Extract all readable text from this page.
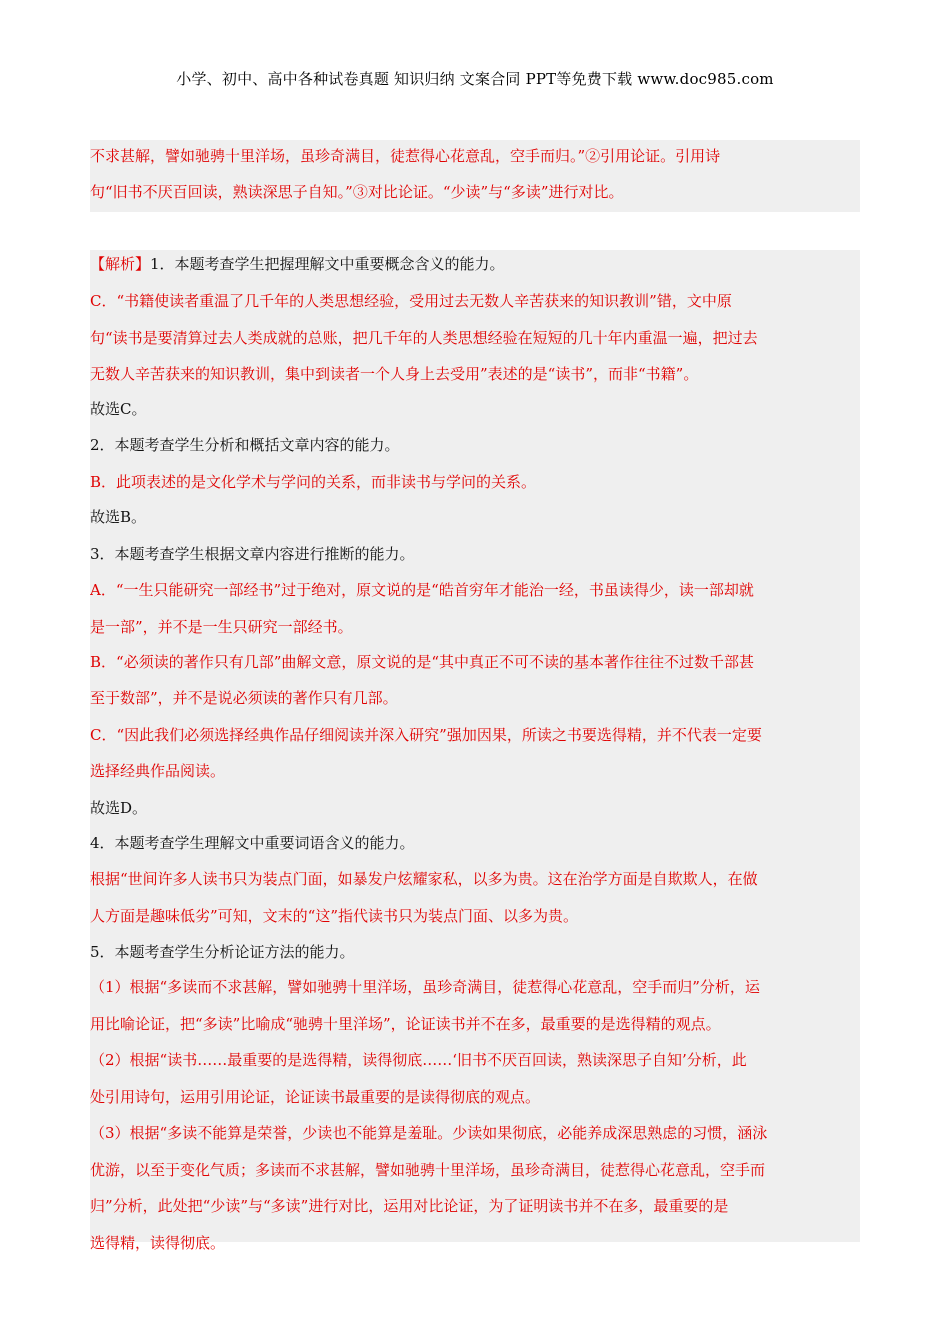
小学、初中、高中各种试卷真题 知识归纳 文案合同 PPT等免费下载 www.doc985.com
不求甚解，譬如驰骋十里洋场，虽珍奇满目，徒惹得心花意乱，空手而归。”②引用论证。引用诗
句“旧书不厌百回读，熟读深思子自知。”③对比论证。“少读”与“多读”进行对比。
【解析】1．本题考查学生把握理解文中重要概念含义的能力。
C．“书籍使读者重温了几千年的人类思想经验，受用过去无数人辛苦获来的知识教训”错，文中原
句“读书是要清算过去人类成就的总账，把几千年的人类思想经验在短短的几十年内重温一遍，把过去
无数人辛苦获来的知识教训，集中到读者一个人身上去受用”表述的是“读书”，而非“书籍”。
故选C。
2．本题考查学生分析和概括文章内容的能力。
B．此项表述的是文化学术与学问的关系，而非读书与学问的关系。
故选B。
3．本题考查学生根据文章内容进行推断的能力。
A．“一生只能研究一部经书”过于绝对，原文说的是“皓首穷年才能治一经，书虽读得少，读一部却就
是一部”，并不是一生只研究一部经书。
B．“必须读的著作只有几部”曲解文意，原文说的是“其中真正不可不读的基本著作往往不过数千部甚
至于数部”，并不是说必须读的著作只有几部。
C．“因此我们必须选择经典作品仔细阅读并深入研究”强加因果，所读之书要选得精，并不代表一定要
选择经典作品阅读。
故选D。
4．本题考查学生理解文中重要词语含义的能力。
根据“世间许多人读书只为装点门面，如暴发户炫耀家私，以多为贵。这在治学方面是自欺欺人，在做
人方面是趣味低劣”可知，文末的“这”指代读书只为装点门面、以多为贵。
5．本题考查学生分析论证方法的能力。
（1）根据“多读而不求甚解，譬如驰骋十里洋场，虽珍奇满目，徒惹得心花意乱，空手而归”分析，运
用比喻论证，把“多读”比喻成“驰骋十里洋场”，论证读书并不在多，最重要的是选得精的观点。
（2）根据“读书……最重要的是选得精，读得彻底……‘旧书不厌百回读，熟读深思子自知’分析，此
处引用诗句，运用引用论证，论证读书最重要的是读得彻底的观点。
（3）根据“多读不能算是荣誉，少读也不能算是羞耻。少读如果彻底，必能养成深思熟虑的习惯，涵泳
优游，以至于变化气质；多读而不求甚解，譬如驰骋十里洋场，虽珍奇满目，徒惹得心花意乱，空手而
归”分析，此处把“少读”与“多读”进行对比，运用对比论证，为了证明读书并不在多，最重要的是
选得精，读得彻底。
